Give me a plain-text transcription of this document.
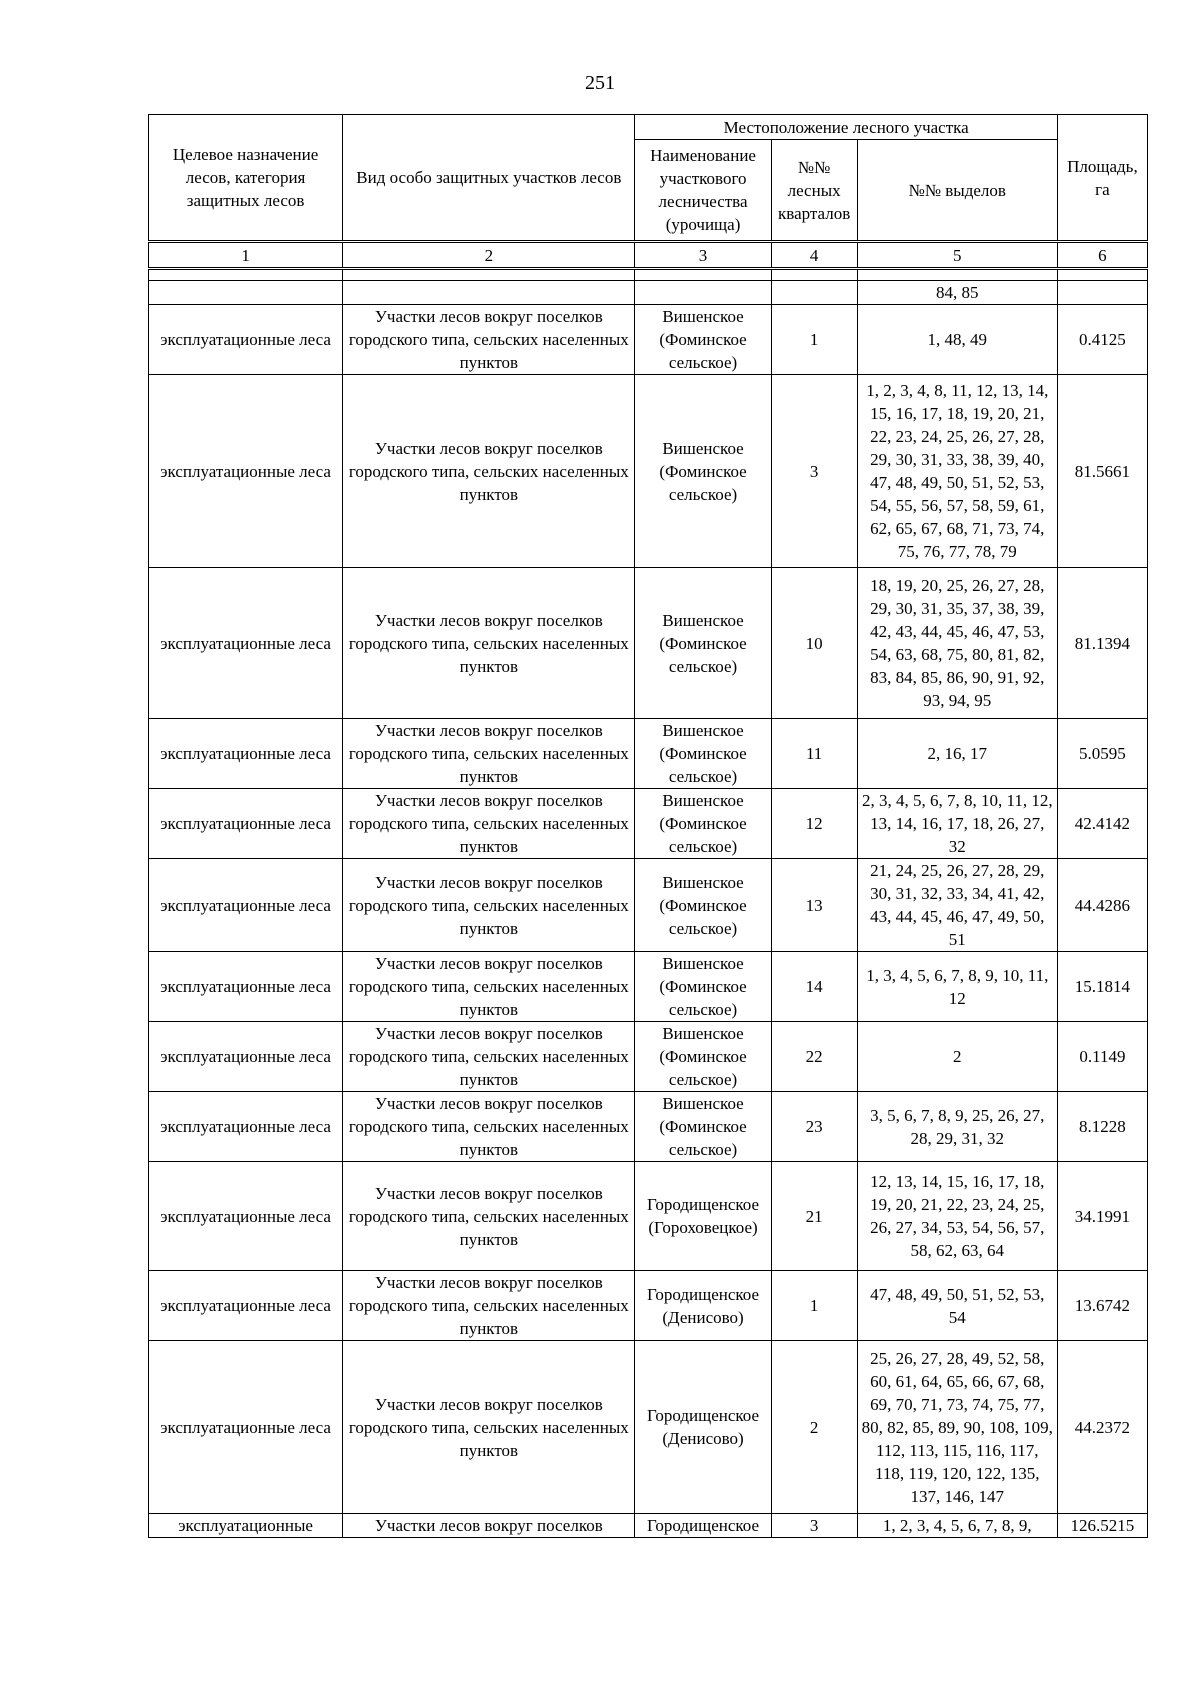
251
Целевое назначение лесов, категория защитных лесов	Вид особо защитных участков лесов	Местоположение лесного участка			Площадь, га
		Наименование участкового лесничества (урочища)	№№ лесных кварталов	№№ выделов	
1	2	3	4	5	6

				84, 85	
эксплуатационные леса	Участки лесов вокруг поселков городского типа, сельских населенных пунктов	Вишенское (Фоминское сельское)	1	1, 48, 49	0.4125
эксплуатационные леса	Участки лесов вокруг поселков городского типа, сельских населенных пунктов	Вишенское (Фоминское сельское)	3	1, 2, 3, 4, 8, 11, 12, 13, 14, 15, 16, 17, 18, 19, 20, 21, 22, 23, 24, 25, 26, 27, 28, 29, 30, 31, 33, 38, 39, 40, 47, 48, 49, 50, 51, 52, 53, 54, 55, 56, 57, 58, 59, 61, 62, 65, 67, 68, 71, 73, 74, 75, 76, 77, 78, 79	81.5661
эксплуатационные леса	Участки лесов вокруг поселков городского типа, сельских населенных пунктов	Вишенское (Фоминское сельское)	10	18, 19, 20, 25, 26, 27, 28, 29, 30, 31, 35, 37, 38, 39, 42, 43, 44, 45, 46, 47, 53, 54, 63, 68, 75, 80, 81, 82, 83, 84, 85, 86, 90, 91, 92, 93, 94, 95	81.1394
эксплуатационные леса	Участки лесов вокруг поселков городского типа, сельских населенных пунктов	Вишенское (Фоминское сельское)	11	2, 16, 17	5.0595
эксплуатационные леса	Участки лесов вокруг поселков городского типа, сельских населенных пунктов	Вишенское (Фоминское сельское)	12	2, 3, 4, 5, 6, 7, 8, 10, 11, 12, 13, 14, 16, 17, 18, 26, 27, 32	42.4142
эксплуатационные леса	Участки лесов вокруг поселков городского типа, сельских населенных пунктов	Вишенское (Фоминское сельское)	13	21, 24, 25, 26, 27, 28, 29, 30, 31, 32, 33, 34, 41, 42, 43, 44, 45, 46, 47, 49, 50, 51	44.4286
эксплуатационные леса	Участки лесов вокруг поселков городского типа, сельских населенных пунктов	Вишенское (Фоминское сельское)	14	1, 3, 4, 5, 6, 7, 8, 9, 10, 11, 12	15.1814
эксплуатационные леса	Участки лесов вокруг поселков городского типа, сельских населенных пунктов	Вишенское (Фоминское сельское)	22	2	0.1149
эксплуатационные леса	Участки лесов вокруг поселков городского типа, сельских населенных пунктов	Вишенское (Фоминское сельское)	23	3, 5, 6, 7, 8, 9, 25, 26, 27, 28, 29, 31, 32	8.1228
эксплуатационные леса	Участки лесов вокруг поселков городского типа, сельских населенных пунктов	Городищенское (Гороховецкое)	21	12, 13, 14, 15, 16, 17, 18, 19, 20, 21, 22, 23, 24, 25, 26, 27, 34, 53, 54, 56, 57, 58, 62, 63, 64	34.1991
эксплуатационные леса	Участки лесов вокруг поселков городского типа, сельских населенных пунктов	Городищенское (Денисово)	1	47, 48, 49, 50, 51, 52, 53, 54	13.6742
эксплуатационные леса	Участки лесов вокруг поселков городского типа, сельских населенных пунктов	Городищенское (Денисово)	2	25, 26, 27, 28, 49, 52, 58, 60, 61, 64, 65, 66, 67, 68, 69, 70, 71, 73, 74, 75, 77, 80, 82, 85, 89, 90, 108, 109, 112, 113, 115, 116, 117, 118, 119, 120, 122, 135, 137, 146, 147	44.2372
эксплуатационные	Участки лесов вокруг поселков	Городищенское	3	1, 2, 3, 4, 5, 6, 7, 8, 9,	126.5215
